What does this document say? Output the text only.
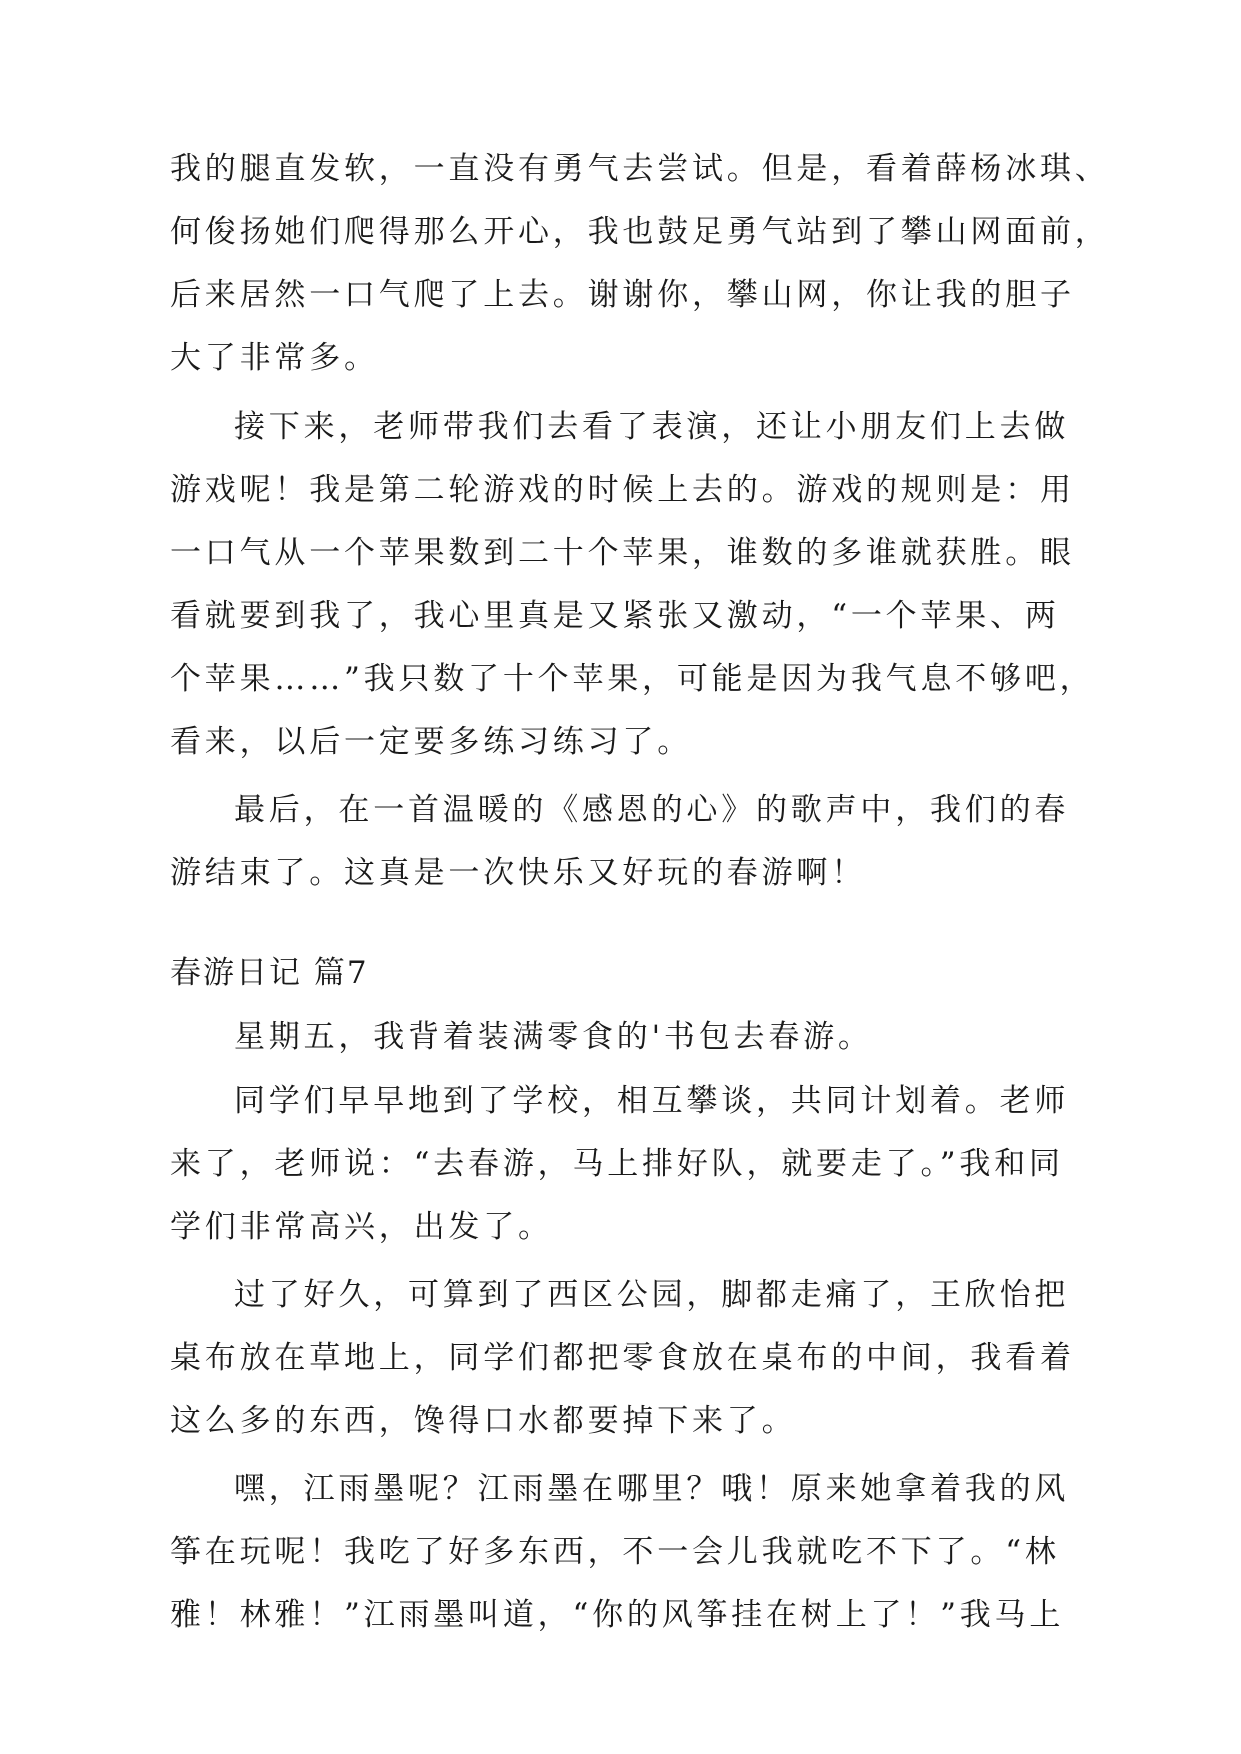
我的腿直发软，一直没有勇气去尝试。但是，看着薛杨冰琪、
何俊扬她们爬得那么开心，我也鼓足勇气站到了攀山网面前，
后来居然一口气爬了上去。谢谢你，攀山网，你让我的胆子
大了非常多。
接下来，老师带我们去看了表演，还让小朋友们上去做
游戏呢！我是第二轮游戏的时候上去的。游戏的规则是：用
一口气从一个苹果数到二十个苹果，谁数的多谁就获胜。眼
看就要到我了，我心里真是又紧张又激动，“一个苹果、两
个苹果……”我只数了十个苹果，可能是因为我气息不够吧，
看来，以后一定要多练习练习了。
最后，在一首温暖的《感恩的心》的歌声中，我们的春
游结束了。这真是一次快乐又好玩的春游啊！
春游日记 篇7
星期五，我背着装满零食的'书包去春游。
同学们早早地到了学校，相互攀谈，共同计划着。老师
来了，老师说：“去春游，马上排好队，就要走了。”我和同
学们非常高兴，出发了。
过了好久，可算到了西区公园，脚都走痛了，王欣怡把
桌布放在草地上，同学们都把零食放在桌布的中间，我看着
这么多的东西，馋得口水都要掉下来了。
嘿，江雨墨呢？江雨墨在哪里？哦！原来她拿着我的风
筝在玩呢！我吃了好多东西，不一会儿我就吃不下了。“林
雅！林雅！”江雨墨叫道，“你的风筝挂在树上了！”我马上
